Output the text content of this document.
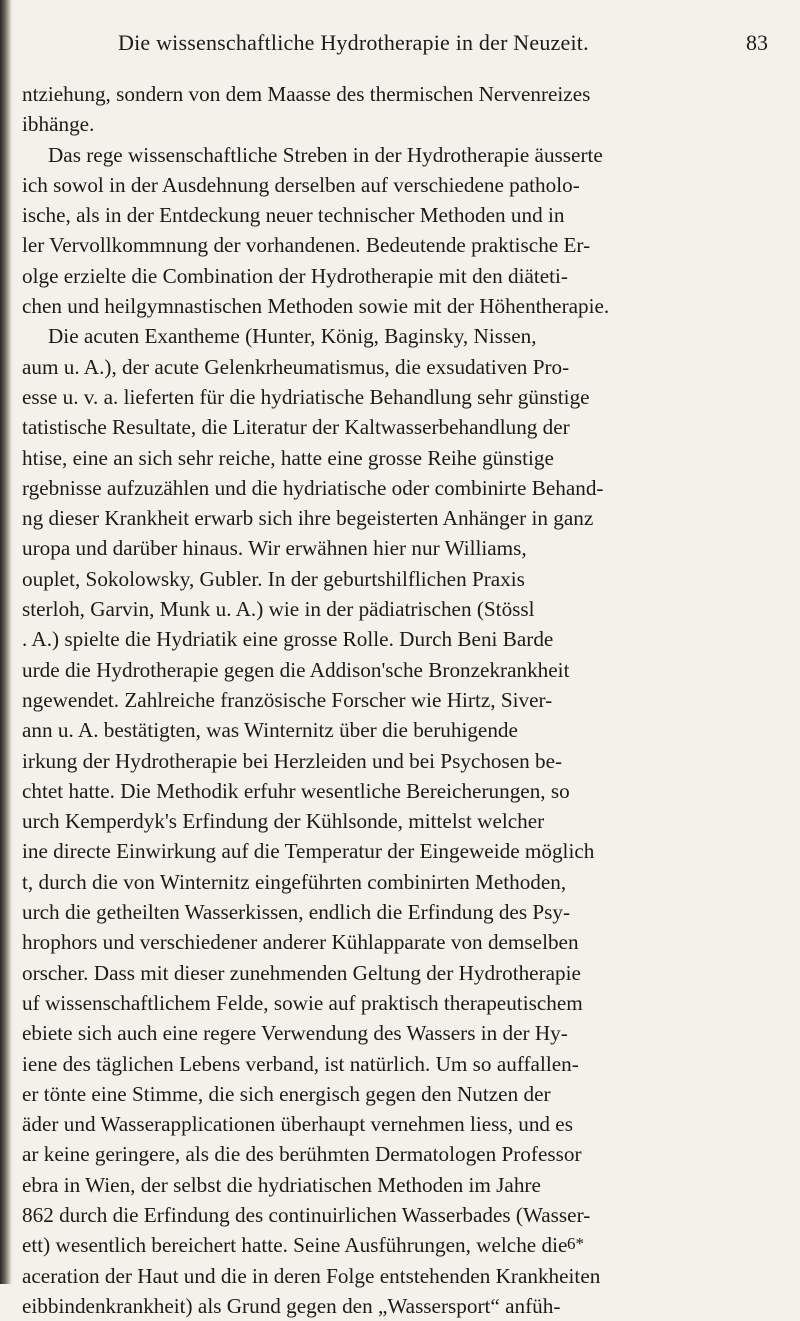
Die wissenschaftliche Hydrotherapie in der Neuzeit.	83
ntziehung, sondern von dem Maasse des thermischen Nervenreizes
ibhänge.
Das rege wissenschaftliche Streben in der Hydrotherapie äusserte
ich sowol in der Ausdehnung derselben auf verschiedene patholo-
ische, als in der Entdeckung neuer technischer Methoden und in
ler Vervollkommnung der vorhandenen. Bedeutende praktische Er-
olge erzielte die Combination der Hydrotherapie mit den diäteti-
chen und heilgymnastischen Methoden sowie mit der Höhentherapie.
Die acuten Exantheme (Hunter, König, Baginsky, Nissen,
aum u. A.), der acute Gelenkrheumatismus, die exsudativen Pro-
esse u. v. a. lieferten für die hydriatische Behandlung sehr günstige
tatistische Resultate, die Literatur der Kaltwasserbehandlung der
htise, eine an sich sehr reiche, hatte eine grosse Reihe günstige
rgebnisse aufzuzählen und die hydriatische oder combinirte Behand-
ng dieser Krankheit erwarb sich ihre begeisterten Anhänger in ganz
uropa und darüber hinaus. Wir erwähnen hier nur Williams,
ouplet, Sokolowsky, Gubler. In der geburtshilflichen Praxis
sterloh, Garvin, Munk u. A.) wie in der pädiatrischen (Stössl
. A.) spielte die Hydriatik eine grosse Rolle. Durch Beni Barde
urde die Hydrotherapie gegen die Addison'sche Bronzekrankheit
ngewendet. Zahlreiche französische Forscher wie Hirtz, Siver-
ann u. A. bestätigten, was Winternitz über die beruhigende
irkung der Hydrotherapie bei Herzleiden und bei Psychosen be-
chtet hatte. Die Methodik erfuhr wesentliche Bereicherungen, so
urch Kemperdyk's Erfindung der Kühlsonde, mittelst welcher
ine directe Einwirkung auf die Temperatur der Eingeweide möglich
t, durch die von Winternitz eingeführten combinirten Methoden,
urch die getheilten Wasserkissen, endlich die Erfindung des Psy-
hrophors und verschiedener anderer Kühlapparate von demselben
orscher. Dass mit dieser zunehmenden Geltung der Hydrotherapie
uf wissenschaftlichem Felde, sowie auf praktisch therapeutischem
ebiete sich auch eine regere Verwendung des Wassers in der Hy-
iene des täglichen Lebens verband, ist natürlich. Um so auffallen-
er tönte eine Stimme, die sich energisch gegen den Nutzen der
äder und Wasserapplicationen überhaupt vernehmen liess, und es
ar keine geringere, als die des berühmten Dermatologen Professor
ebra in Wien, der selbst die hydriatischen Methoden im Jahre
862 durch die Erfindung des continuirlichen Wasserbades (Wasser-
ett) wesentlich bereichert hatte. Seine Ausführungen, welche die
aceration der Haut und die in deren Folge entstehenden Krankheiten
eibbindenkrankheit) als Grund gegen den „Wassersport“ anfüh-
6*
